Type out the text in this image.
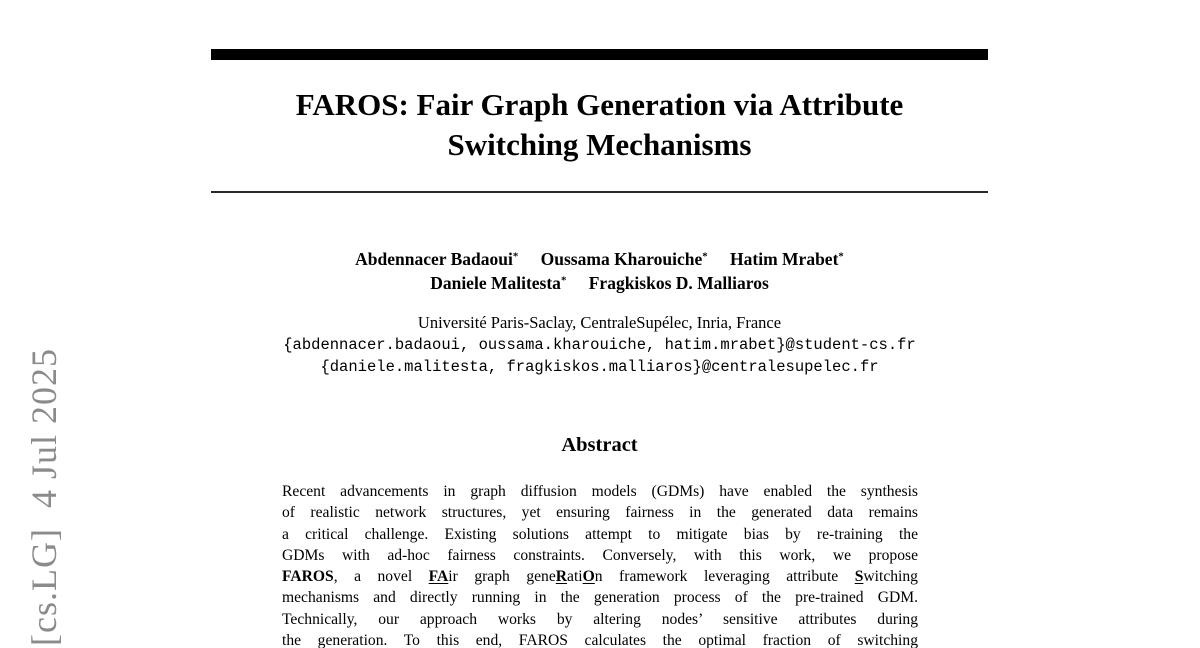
[cs.LG]  4 Jul 2025
FAROS: Fair Graph Generation via Attribute
Switching Mechanisms
Abdennacer Badaoui* Oussama Kharouiche* Hatim Mrabet*
Daniele Malitesta* Fragkiskos D. Malliaros
Université Paris-Saclay, CentraleSupélec, Inria, France
{abdennacer.badaoui, oussama.kharouiche, hatim.mrabet}@student-cs.fr
{daniele.malitesta, fragkiskos.malliaros}@centralesupelec.fr
Abstract
Recent advancements in graph diffusion models (GDMs) have enabled the synthesis
of realistic network structures, yet ensuring fairness in the generated data remains
a critical challenge. Existing solutions attempt to mitigate bias by re-training the
GDMs with ad-hoc fairness constraints. Conversely, with this work, we propose
FAROS, a novel FAir graph geneRatiOn framework leveraging attribute Switching
mechanisms and directly running in the generation process of the pre-trained GDM.
Technically, our approach works by altering nodes’ sensitive attributes during
the generation. To this end, FAROS calculates the optimal fraction of switching
